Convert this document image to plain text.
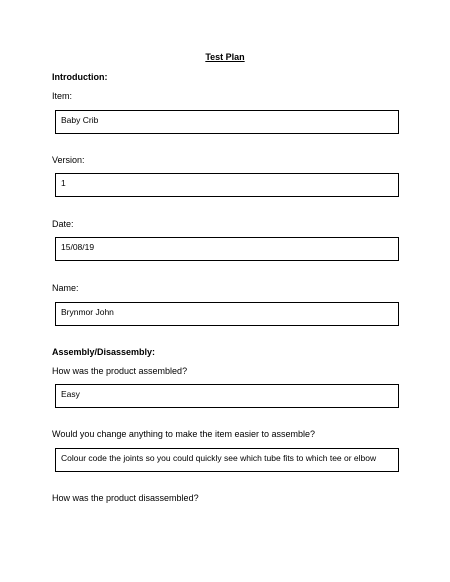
Test Plan
Introduction:
Item:
Baby Crib
Version:
1
Date:
15/08/19
Name:
Brynmor John
Assembly/Disassembly:
How was the product assembled?
Easy
Would you change anything to make the item easier to assemble?
Colour code the joints so you could quickly see which tube fits to which tee or elbow
How was the product disassembled?
